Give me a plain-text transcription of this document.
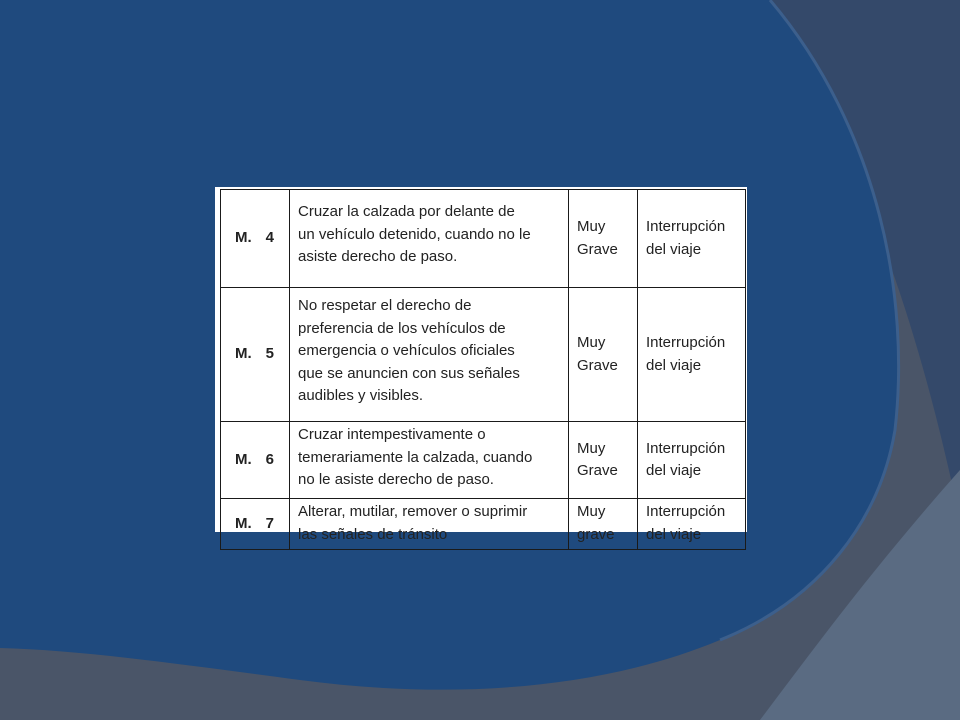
M. 4	Cruzar la calzada por delante de
un vehículo detenido, cuando no le
asiste derecho de paso.	Muy
Grave	Interrupción
del viaje
M. 5	No respetar el derecho de
preferencia de los vehículos de
emergencia o vehículos oficiales
que se anuncien con sus señales
audibles y visibles.	Muy
Grave	Interrupción
del viaje
M. 6	Cruzar intempestivamente o
temerariamente la calzada, cuando
no le asiste derecho de paso.	Muy
Grave	Interrupción
del viaje
M. 7	Alterar, mutilar, remover o suprimir
las señales de tránsito	Muy
grave	Interrupción
del viaje
